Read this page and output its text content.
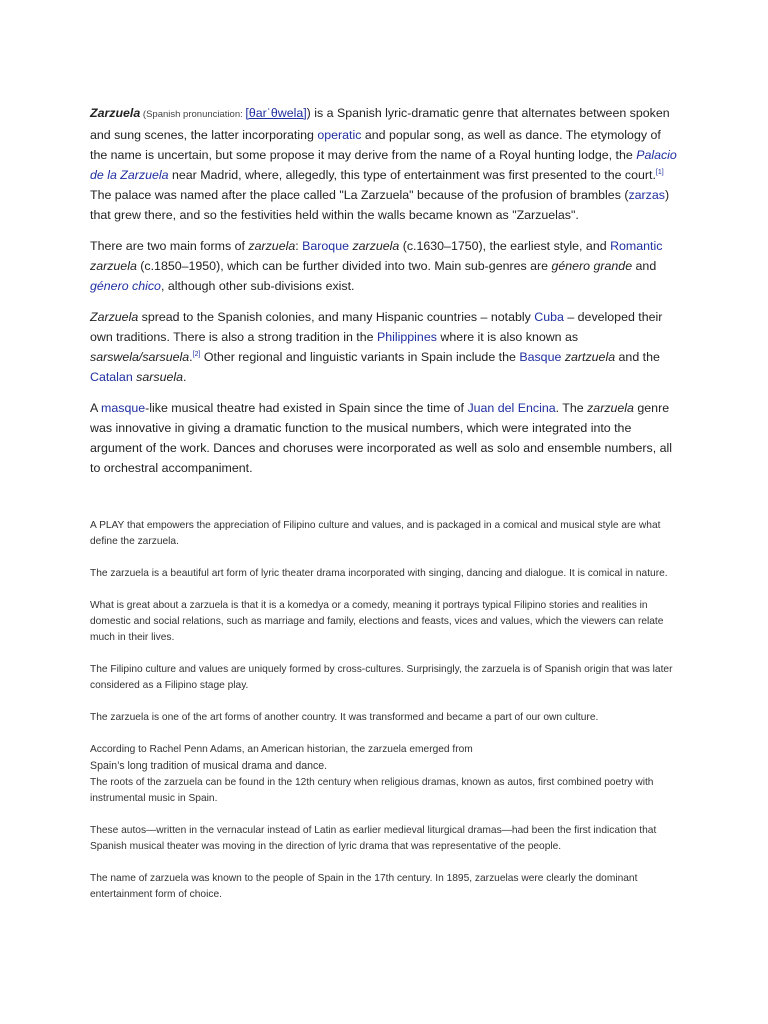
Zarzuela (Spanish pronunciation: [θarˈθwela]) is a Spanish lyric-dramatic genre that alternates between spoken and sung scenes, the latter incorporating operatic and popular song, as well as dance. The etymology of the name is uncertain, but some propose it may derive from the name of a Royal hunting lodge, the Palacio de la Zarzuela near Madrid, where, allegedly, this type of entertainment was first presented to the court.[1] The palace was named after the place called "La Zarzuela" because of the profusion of brambles (zarzas) that grew there, and so the festivities held within the walls became known as "Zarzuelas".

There are two main forms of zarzuela: Baroque zarzuela (c.1630–1750), the earliest style, and Romantic zarzuela (c.1850–1950), which can be further divided into two. Main sub-genres are género grande and género chico, although other sub-divisions exist.

Zarzuela spread to the Spanish colonies, and many Hispanic countries – notably Cuba – developed their own traditions. There is also a strong tradition in the Philippines where it is also known as sarswela/sarsuela.[2] Other regional and linguistic variants in Spain include the Basque zartzuela and the Catalan sarsuela.

A masque-like musical theatre had existed in Spain since the time of Juan del Encina. The zarzuela genre was innovative in giving a dramatic function to the musical numbers, which were integrated into the argument of the work. Dances and choruses were incorporated as well as solo and ensemble numbers, all to orchestral accompaniment.

A PLAY that empowers the appreciation of Filipino culture and values, and is packaged in a comical and musical style are what define the zarzuela.

The zarzuela is a beautiful art form of lyric theater drama incorporated with singing, dancing and dialogue. It is comical in nature.

What is great about a zarzuela is that it is a komedya or a comedy, meaning it portrays typical Filipino stories and realities in domestic and social relations, such as marriage and family, elections and feasts, vices and values, which the viewers can relate much in their lives.

The Filipino culture and values are uniquely formed by cross-cultures. Surprisingly, the zarzuela is of Spanish origin that was later considered as a Filipino stage play.

The zarzuela is one of the art forms of another country. It was transformed and became a part of our own culture.

According to Rachel Penn Adams, an American historian, the zarzuela emerged from
Spain’s long tradition of musical drama and dance.
The roots of the zarzuela can be found in the 12th century when religious dramas, known as autos, first combined poetry with instrumental music in Spain.

These autos—written in the vernacular instead of Latin as earlier medieval liturgical dramas—had been the first indication that Spanish musical theater was moving in the direction of lyric drama that was representative of the people.

The name of zarzuela was known to the people of Spain in the 17th century. In 1895, zarzuelas were clearly the dominant entertainment form of choice.
